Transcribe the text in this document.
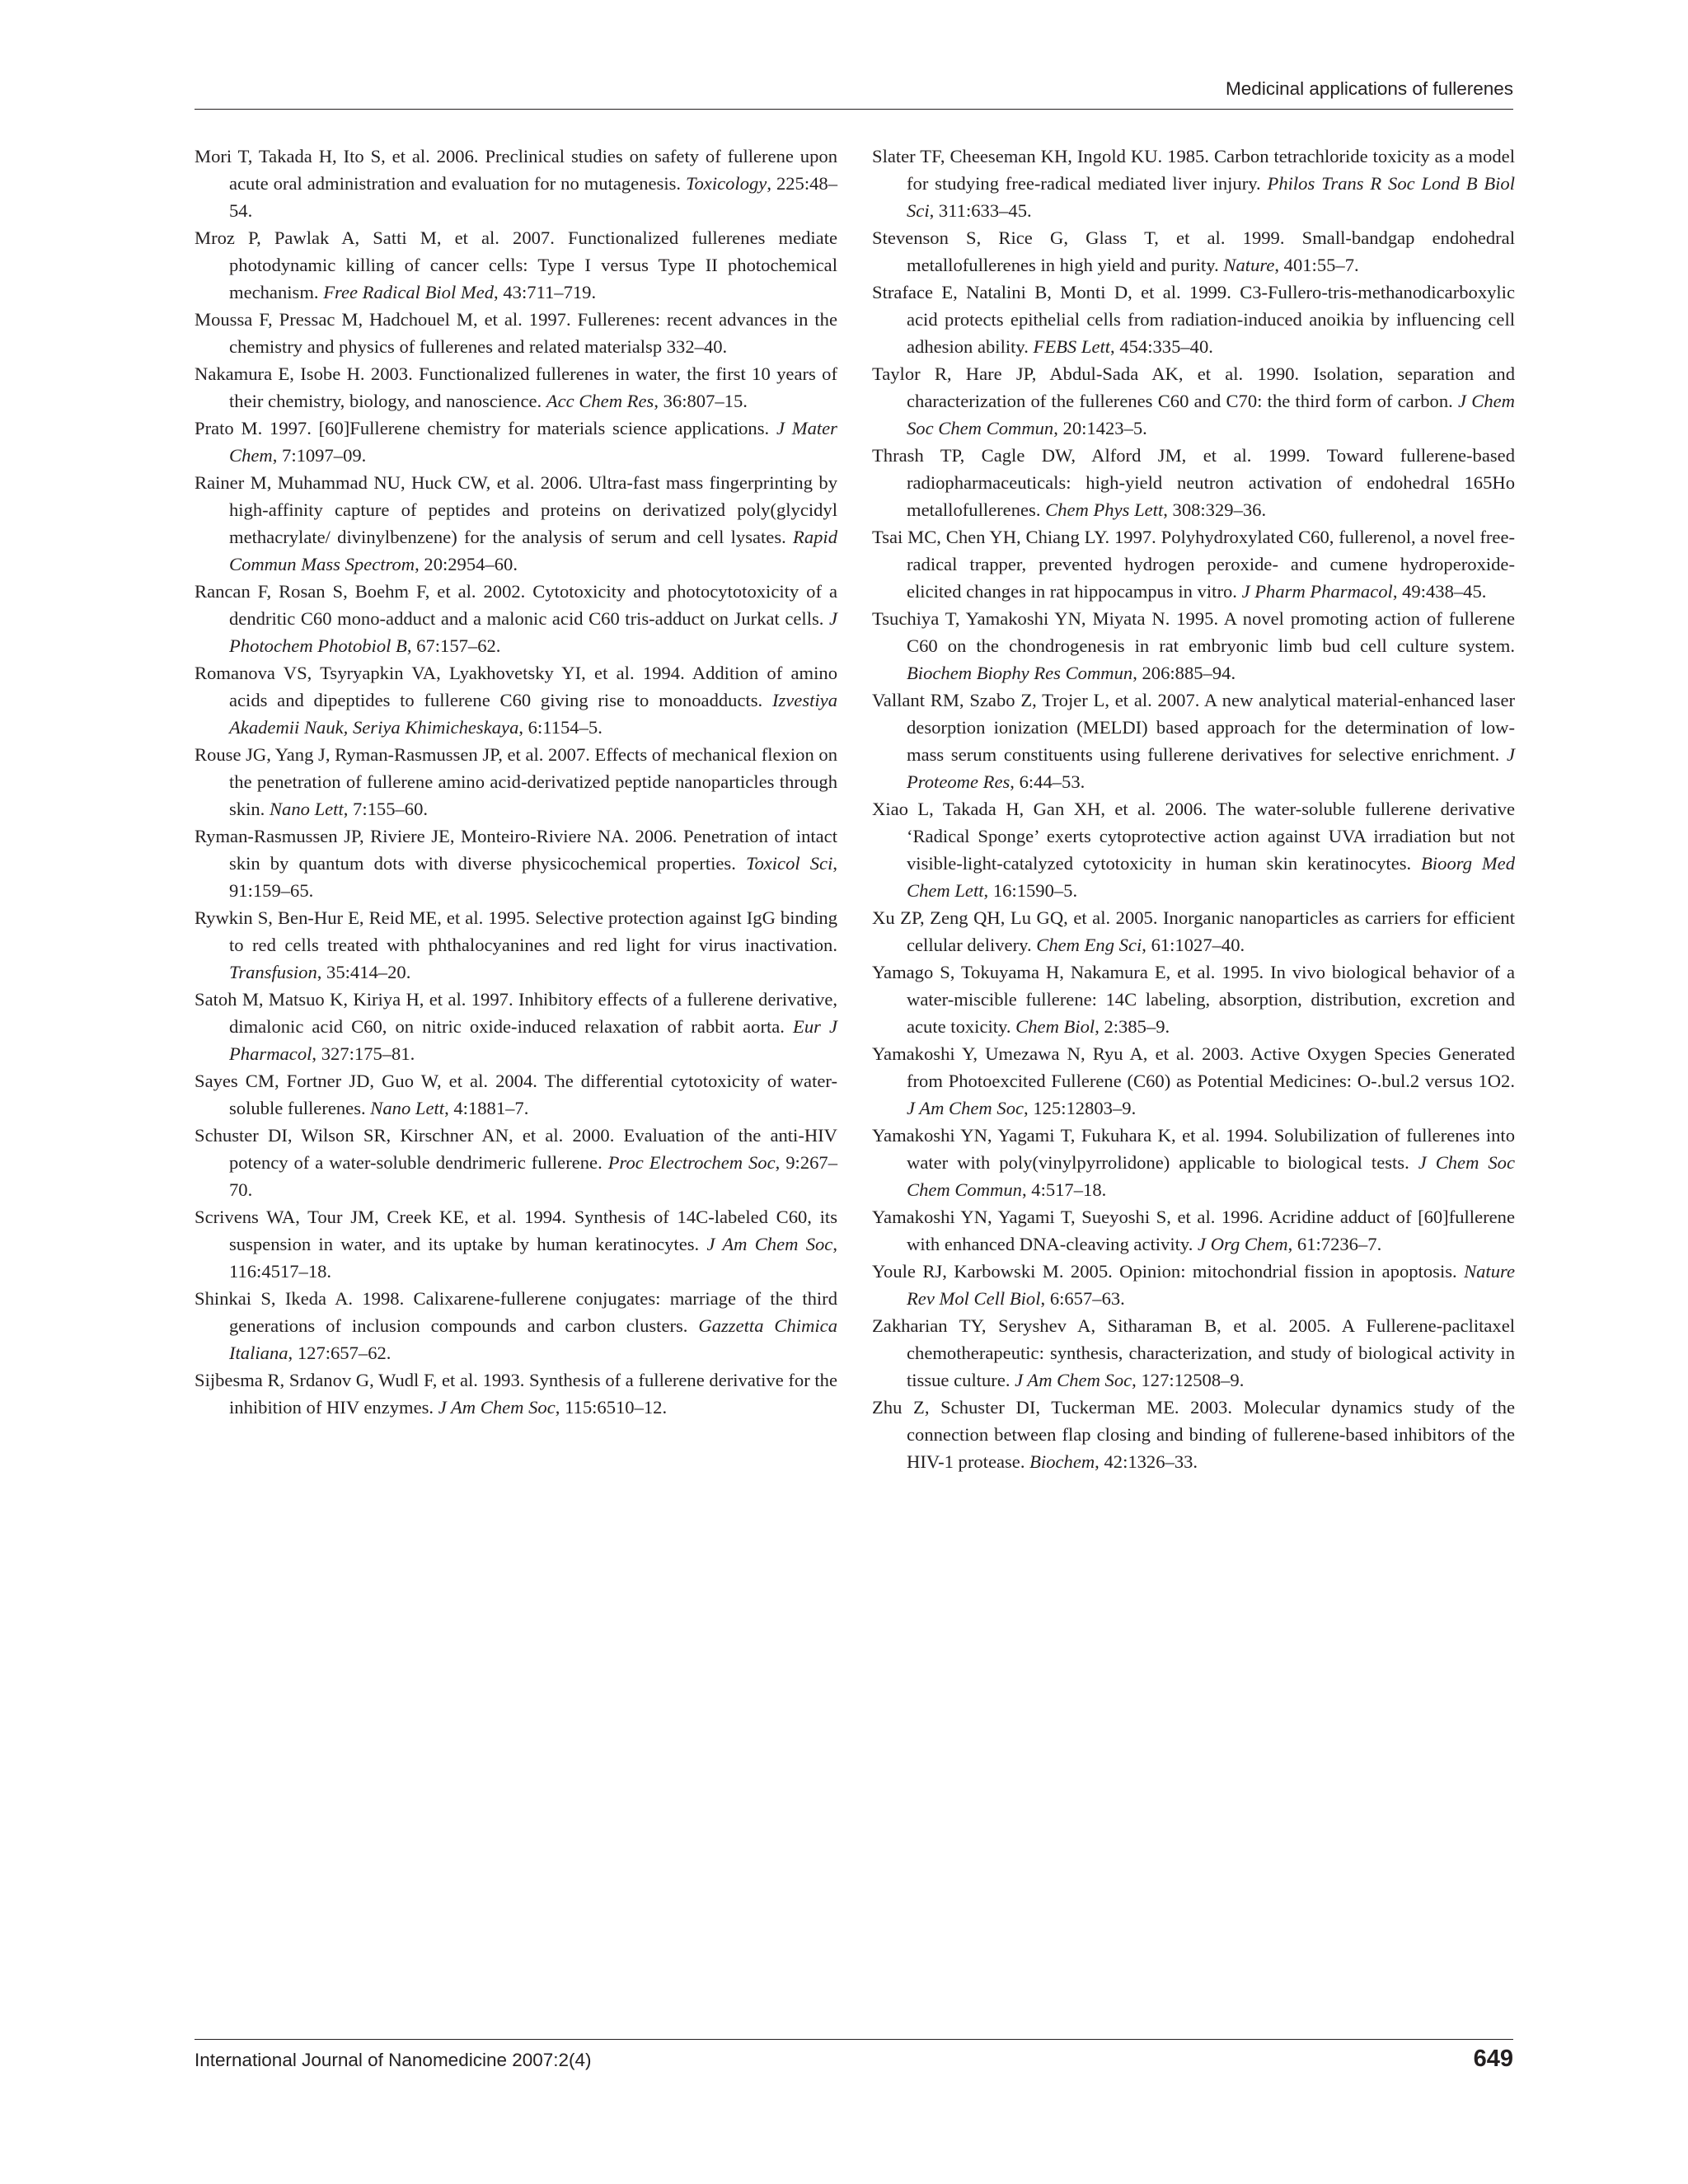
Medicinal applications of fullerenes

Mori T, Takada H, Ito S, et al. 2006. Preclinical studies on safety of fullerene upon acute oral administration and evaluation for no mutagenesis. Toxicology, 225:48–54.

Mroz P, Pawlak A, Satti M, et al. 2007. Functionalized fullerenes mediate photodynamic killing of cancer cells: Type I versus Type II photochemical mechanism. Free Radical Biol Med, 43:711–719.

Moussa F, Pressac M, Hadchouel M, et al. 1997. Fullerenes: recent advances in the chemistry and physics of fullerenes and related materialsp 332–40.

Nakamura E, Isobe H. 2003. Functionalized fullerenes in water, the first 10 years of their chemistry, biology, and nanoscience. Acc Chem Res, 36:807–15.

Prato M. 1997. [60]Fullerene chemistry for materials science applications. J Mater Chem, 7:1097–09.

Rainer M, Muhammad NU, Huck CW, et al. 2006. Ultra-fast mass fingerprinting by high-affinity capture of peptides and proteins on derivatized poly(glycidyl methacrylate/ divinylbenzene) for the analysis of serum and cell lysates. Rapid Commun Mass Spectrom, 20:2954–60.

Rancan F, Rosan S, Boehm F, et al. 2002. Cytotoxicity and photocytotoxicity of a dendritic C60 mono-adduct and a malonic acid C60 tris-adduct on Jurkat cells. J Photochem Photobiol B, 67:157–62.

Romanova VS, Tsyryapkin VA, Lyakhovetsky YI, et al. 1994. Addition of amino acids and dipeptides to fullerene C60 giving rise to monoadducts. Izvestiya Akademii Nauk, Seriya Khimicheskaya, 6:1154–5.

Rouse JG, Yang J, Ryman-Rasmussen JP, et al. 2007. Effects of mechanical flexion on the penetration of fullerene amino acid-derivatized peptide nanoparticles through skin. Nano Lett, 7:155–60.

Ryman-Rasmussen JP, Riviere JE, Monteiro-Riviere NA. 2006. Penetration of intact skin by quantum dots with diverse physicochemical properties. Toxicol Sci, 91:159–65.

Rywkin S, Ben-Hur E, Reid ME, et al. 1995. Selective protection against IgG binding to red cells treated with phthalocyanines and red light for virus inactivation. Transfusion, 35:414–20.

Satoh M, Matsuo K, Kiriya H, et al. 1997. Inhibitory effects of a fullerene derivative, dimalonic acid C60, on nitric oxide-induced relaxation of rabbit aorta. Eur J Pharmacol, 327:175–81.

Sayes CM, Fortner JD, Guo W, et al. 2004. The differential cytotoxicity of water-soluble fullerenes. Nano Lett, 4:1881–7.

Schuster DI, Wilson SR, Kirschner AN, et al. 2000. Evaluation of the anti-HIV potency of a water-soluble dendrimeric fullerene. Proc Electrochem Soc, 9:267–70.

Scrivens WA, Tour JM, Creek KE, et al. 1994. Synthesis of 14C-labeled C60, its suspension in water, and its uptake by human keratinocytes. J Am Chem Soc, 116:4517–18.

Shinkai S, Ikeda A. 1998. Calixarene-fullerene conjugates: marriage of the third generations of inclusion compounds and carbon clusters. Gazzetta Chimica Italiana, 127:657–62.

Sijbesma R, Srdanov G, Wudl F, et al. 1993. Synthesis of a fullerene derivative for the inhibition of HIV enzymes. J Am Chem Soc, 115:6510–12.

Slater TF, Cheeseman KH, Ingold KU. 1985. Carbon tetrachloride toxicity as a model for studying free-radical mediated liver injury. Philos Trans R Soc Lond B Biol Sci, 311:633–45.

Stevenson S, Rice G, Glass T, et al. 1999. Small-bandgap endohedral metallofullerenes in high yield and purity. Nature, 401:55–7.

Straface E, Natalini B, Monti D, et al. 1999. C3-Fullero-tris-methanodicarboxylic acid protects epithelial cells from radiation-induced anoikia by influencing cell adhesion ability. FEBS Lett, 454:335–40.

Taylor R, Hare JP, Abdul-Sada AK, et al. 1990. Isolation, separation and characterization of the fullerenes C60 and C70: the third form of carbon. J Chem Soc Chem Commun, 20:1423–5.

Thrash TP, Cagle DW, Alford JM, et al. 1999. Toward fullerene-based radiopharmaceuticals: high-yield neutron activation of endohedral 165Ho metallofullerenes. Chem Phys Lett, 308:329–36.

Tsai MC, Chen YH, Chiang LY. 1997. Polyhydroxylated C60, fullerenol, a novel free-radical trapper, prevented hydrogen peroxide- and cumene hydroperoxide-elicited changes in rat hippocampus in vitro. J Pharm Pharmacol, 49:438–45.

Tsuchiya T, Yamakoshi YN, Miyata N. 1995. A novel promoting action of fullerene C60 on the chondrogenesis in rat embryonic limb bud cell culture system. Biochem Biophy Res Commun, 206:885–94.

Vallant RM, Szabo Z, Trojer L, et al. 2007. A new analytical material-enhanced laser desorption ionization (MELDI) based approach for the determination of low-mass serum constituents using fullerene derivatives for selective enrichment. J Proteome Res, 6:44–53.

Xiao L, Takada H, Gan XH, et al. 2006. The water-soluble fullerene derivative ‘Radical Sponge’ exerts cytoprotective action against UVA irradiation but not visible-light-catalyzed cytotoxicity in human skin keratinocytes. Bioorg Med Chem Lett, 16:1590–5.

Xu ZP, Zeng QH, Lu GQ, et al. 2005. Inorganic nanoparticles as carriers for efficient cellular delivery. Chem Eng Sci, 61:1027–40.

Yamago S, Tokuyama H, Nakamura E, et al. 1995. In vivo biological behavior of a water-miscible fullerene: 14C labeling, absorption, distribution, excretion and acute toxicity. Chem Biol, 2:385–9.

Yamakoshi Y, Umezawa N, Ryu A, et al. 2003. Active Oxygen Species Generated from Photoexcited Fullerene (C60) as Potential Medicines: O-.bul.2 versus 1O2. J Am Chem Soc, 125:12803–9.

Yamakoshi YN, Yagami T, Fukuhara K, et al. 1994. Solubilization of fullerenes into water with poly(vinylpyrrolidone) applicable to biological tests. J Chem Soc Chem Commun, 4:517–18.

Yamakoshi YN, Yagami T, Sueyoshi S, et al. 1996. Acridine adduct of [60]fullerene with enhanced DNA-cleaving activity. J Org Chem, 61:7236–7.

Youle RJ, Karbowski M. 2005. Opinion: mitochondrial fission in apoptosis. Nature Rev Mol Cell Biol, 6:657–63.

Zakharian TY, Seryshev A, Sitharaman B, et al. 2005. A Fullerene-paclitaxel chemotherapeutic: synthesis, characterization, and study of biological activity in tissue culture. J Am Chem Soc, 127:12508–9.

Zhu Z, Schuster DI, Tuckerman ME. 2003. Molecular dynamics study of the connection between flap closing and binding of fullerene-based inhibitors of the HIV-1 protease. Biochem, 42:1326–33.

International Journal of Nanomedicine 2007:2(4)	649
